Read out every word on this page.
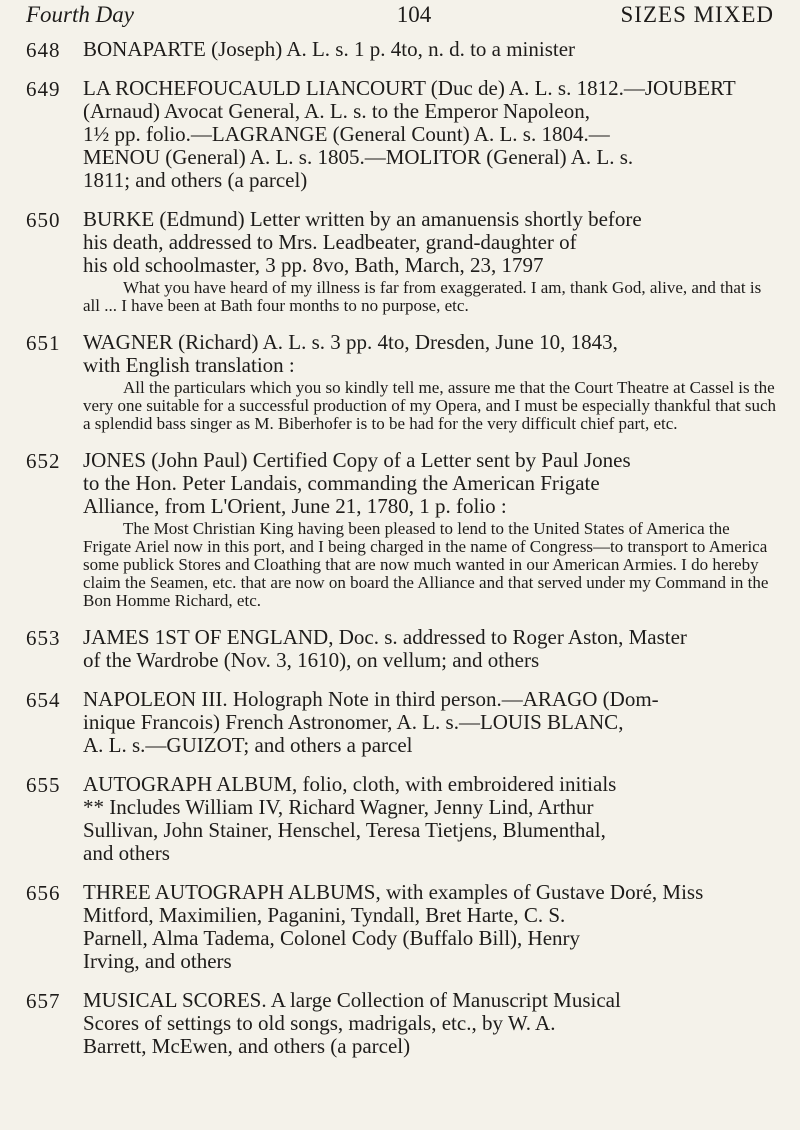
Fourth Day	104	SIZES MIXED
648 BONAPARTE (Joseph) A. L. s. 1 p. 4to, n. d. to a minister

649 LA ROCHEFOUCAULD LIANCOURT (Duc de) A. L. s. 1812.—JOUBERT

(Arnaud) Avocat General, A. L. s. to the Emperor Napoleon,

1½ pp. folio.—LAGRANGE (General Count) A. L. s. 1804.—

MENOU (General) A. L. s. 1805.—MOLITOR (General) A. L. s.

1811; and others (a parcel)

650 BURKE (Edmund) Letter written by an amanuensis shortly before

his death, addressed to Mrs. Leadbeater, grand-daughter of

his old schoolmaster, 3 pp. 8vo, Bath, March, 23, 1797

What you have heard of my illness is far from exaggerated. I am, thank God, alive, and that is all ... I have been at Bath four months to no purpose, etc.

651 WAGNER (Richard) A. L. s. 3 pp. 4to, Dresden, June 10, 1843,

with English translation :

All the particulars which you so kindly tell me, assure me that the Court Theatre at Cassel is the very one suitable for a successful production of my Opera, and I must be especially thankful that such a splendid bass singer as M. Biberhofer is to be had for the very difficult chief part, etc.

652 JONES (John Paul) Certified Copy of a Letter sent by Paul Jones

to the Hon. Peter Landais, commanding the American Frigate

Alliance, from L'Orient, June 21, 1780, 1 p. folio :

The Most Christian King having been pleased to lend to the United States of America the Frigate Ariel now in this port, and I being charged in the name of Congress—to transport to America some publick Stores and Cloathing that are now much wanted in our American Armies. I do hereby claim the Seamen, etc. that are now on board the Alliance and that served under my Command in the Bon Homme Richard, etc.

653 JAMES 1ST OF ENGLAND, Doc. s. addressed to Roger Aston, Master

of the Wardrobe (Nov. 3, 1610), on vellum; and others

654 NAPOLEON III. Holograph Note in third person.—ARAGO (Dom-

inique Francois) French Astronomer, A. L. s.—LOUIS BLANC,

A. L. s.—GUIZOT; and others a parcel

655 AUTOGRAPH ALBUM, folio, cloth, with embroidered initials

** Includes William IV, Richard Wagner, Jenny Lind, Arthur

Sullivan, John Stainer, Henschel, Teresa Tietjens, Blumenthal,

and others

656 THREE AUTOGRAPH ALBUMS, with examples of Gustave Doré, Miss

Mitford, Maximilien, Paganini, Tyndall, Bret Harte, C. S.

Parnell, Alma Tadema, Colonel Cody (Buffalo Bill), Henry

Irving, and others

657 MUSICAL SCORES. A large Collection of Manuscript Musical

Scores of settings to old songs, madrigals, etc., by W. A.

Barrett, McEwen, and others (a parcel)
